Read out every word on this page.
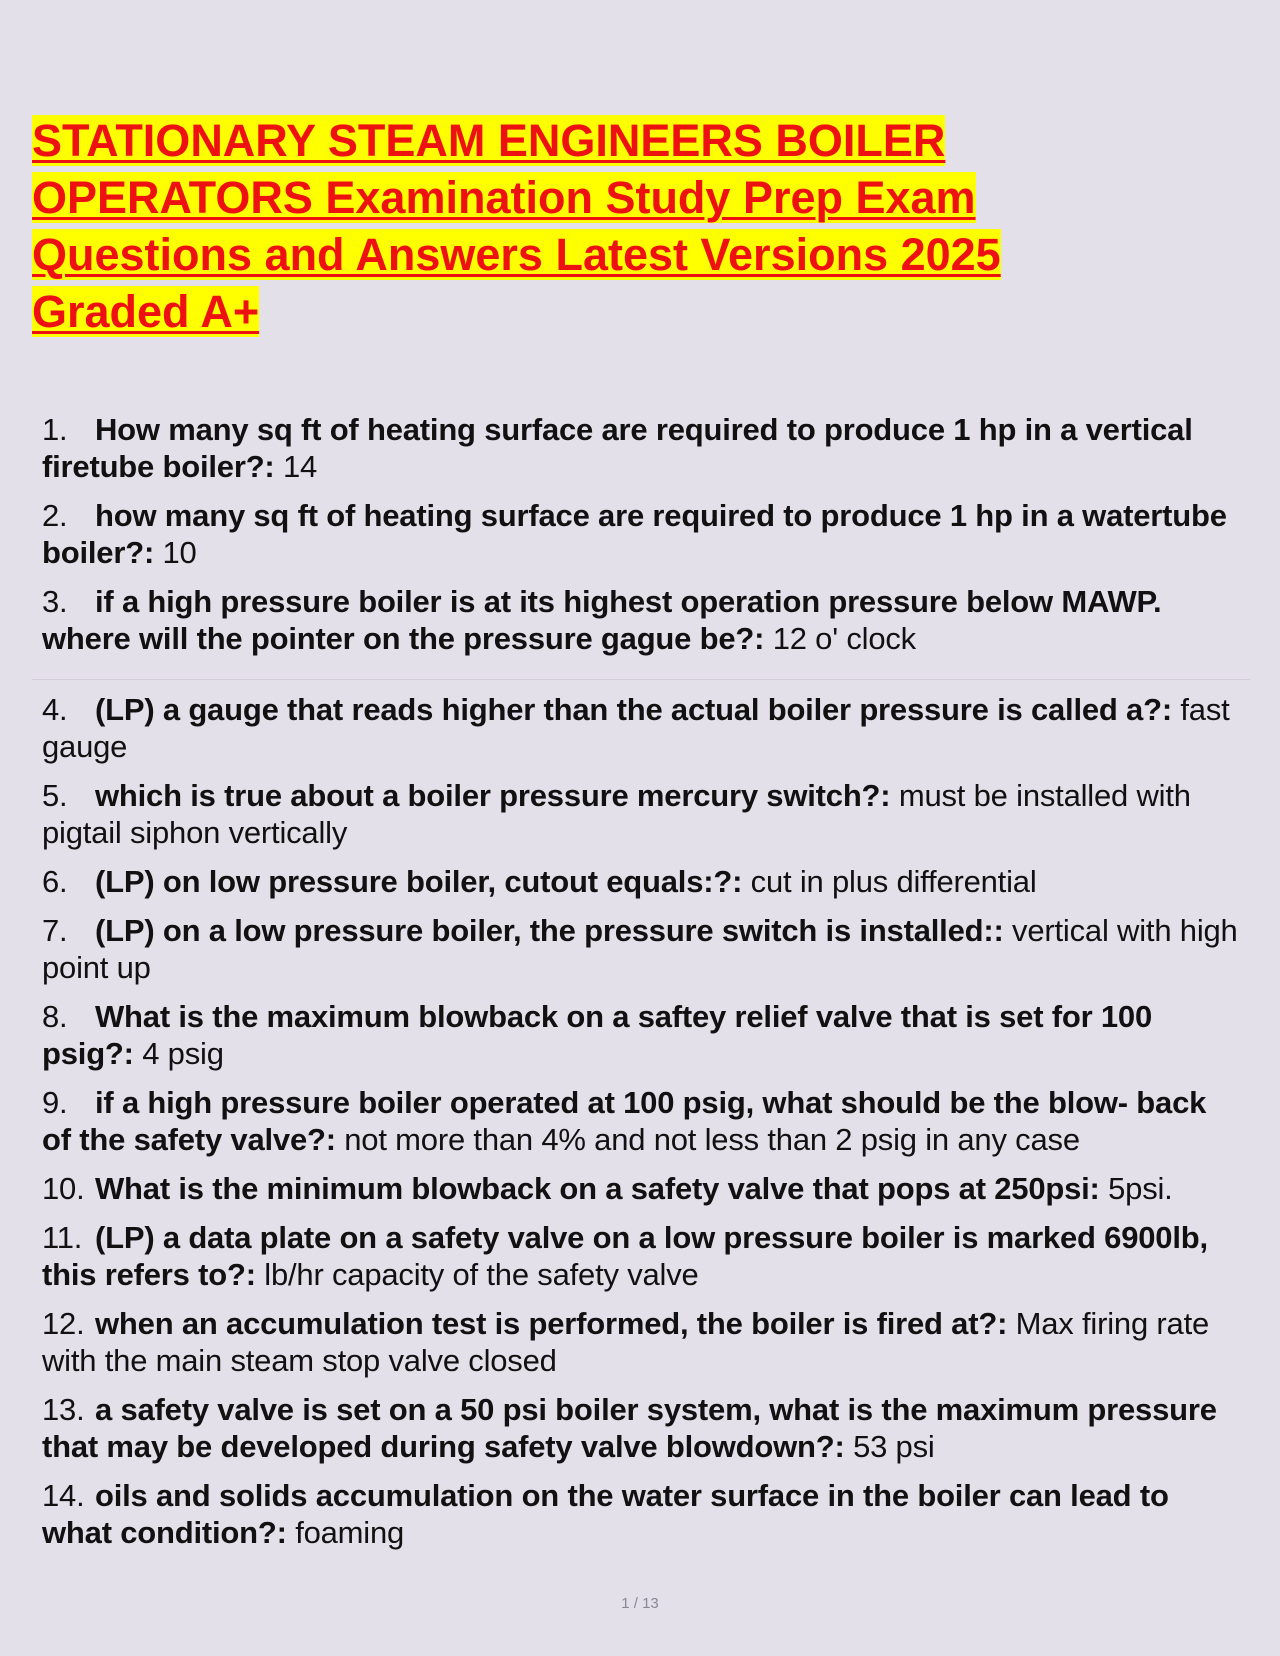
STATIONARY STEAM ENGINEERS BOILER
OPERATORS Examination Study Prep Exam
Questions and Answers Latest Versions 2025
Graded A+
1. How many sq ft of heating surface are required to produce 1 hp in a vertical firetube boiler?: 14
2. how many sq ft of heating surface are required to produce 1 hp in a watertube boiler?: 10
3. if a high pressure boiler is at its highest operation pressure below MAWP. where will the pointer on the pressure gague be?: 12 o' clock
4. (LP) a gauge that reads higher than the actual boiler pressure is called a?: fast gauge
5. which is true about a boiler pressure mercury switch?: must be installed with pigtail siphon vertically
6. (LP) on low pressure boiler, cutout equals:?: cut in plus differential
7. (LP) on a low pressure boiler, the pressure switch is installed:: vertical with high point up
8. What is the maximum blowback on a saftey relief valve that is set for 100 psig?: 4 psig
9. if a high pressure boiler operated at 100 psig, what should be the blow- back of the safety valve?: not more than 4% and not less than 2 psig in any case
10. What is the minimum blowback on a safety valve that pops at 250psi: 5psi.
11. (LP) a data plate on a safety valve on a low pressure boiler is marked 6900lb, this refers to?: lb/hr capacity of the safety valve
12. when an accumulation test is performed, the boiler is fired at?: Max firing rate with the main steam stop valve closed
13. a safety valve is set on a 50 psi boiler system, what is the maximum pressure that may be developed during safety valve blowdown?: 53 psi
14. oils and solids accumulation on the water surface in the boiler can lead to what condition?: foaming
1 / 13
